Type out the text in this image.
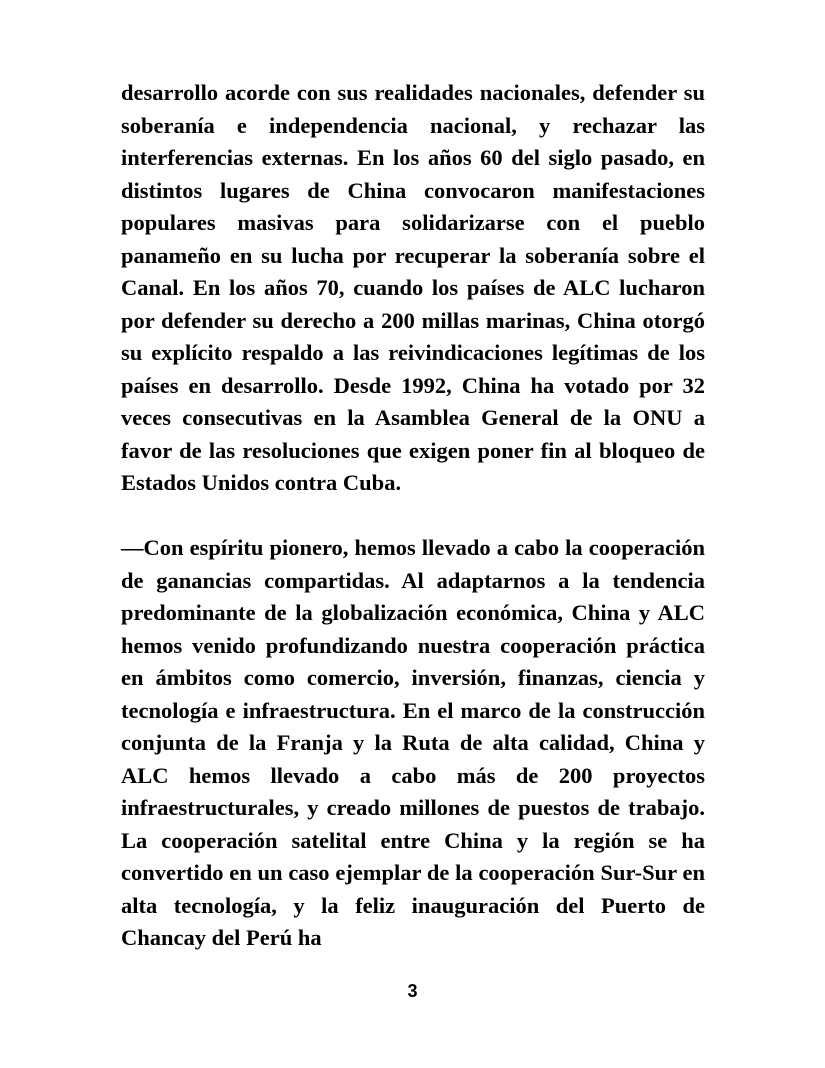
desarrollo acorde con sus realidades nacionales, defender su soberanía e independencia nacional, y rechazar las interferencias externas. En los años 60 del siglo pasado, en distintos lugares de China convocaron manifestaciones populares masivas para solidarizarse con el pueblo panameño en su lucha por recuperar la soberanía sobre el Canal. En los años 70, cuando los países de ALC lucharon por defender su derecho a 200 millas marinas, China otorgó su explícito respaldo a las reivindicaciones legítimas de los países en desarrollo. Desde 1992, China ha votado por 32 veces consecutivas en la Asamblea General de la ONU a favor de las resoluciones que exigen poner fin al bloqueo de Estados Unidos contra Cuba.

—Con espíritu pionero, hemos llevado a cabo la cooperación de ganancias compartidas. Al adaptarnos a la tendencia predominante de la globalización económica, China y ALC hemos venido profundizando nuestra cooperación práctica en ámbitos como comercio, inversión, finanzas, ciencia y tecnología e infraestructura. En el marco de la construcción conjunta de la Franja y la Ruta de alta calidad, China y ALC hemos llevado a cabo más de 200 proyectos infraestructurales, y creado millones de puestos de trabajo. La cooperación satelital entre China y la región se ha convertido en un caso ejemplar de la cooperación Sur-Sur en alta tecnología, y la feliz inauguración del Puerto de Chancay del Perú ha

3
